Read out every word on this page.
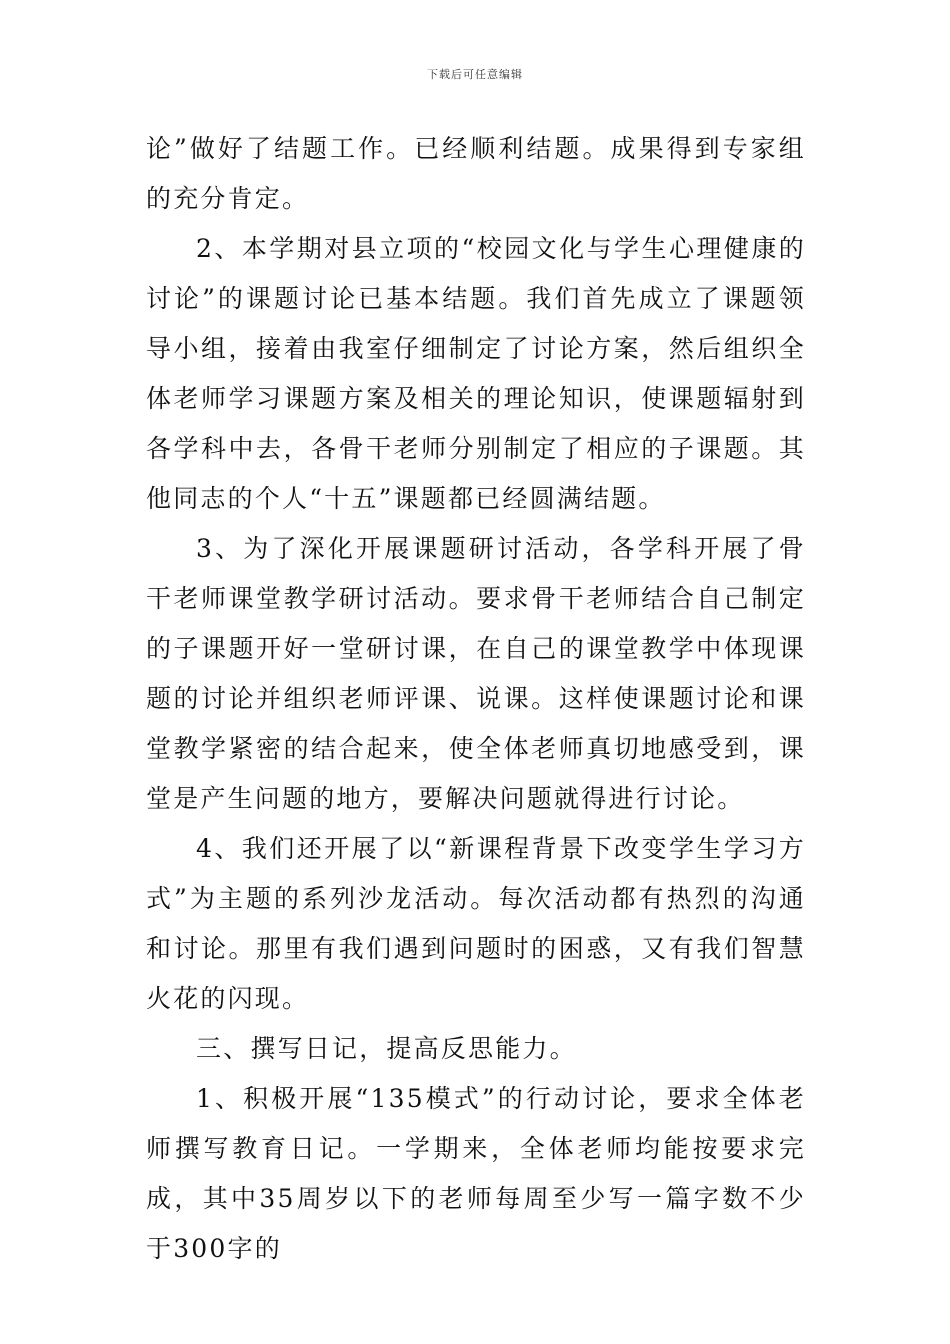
下载后可任意编辑

论”做好了结题工作。已经顺利结题。成果得到专家组的充分肯定。

2、本学期对县立项的“校园文化与学生心理健康的讨论”的课题讨论已基本结题。我们首先成立了课题领导小组，接着由我室仔细制定了讨论方案，然后组织全体老师学习课题方案及相关的理论知识，使课题辐射到各学科中去，各骨干老师分别制定了相应的子课题。其他同志的个人“十五”课题都已经圆满结题。

3、为了深化开展课题研讨活动，各学科开展了骨干老师课堂教学研讨活动。要求骨干老师结合自己制定的子课题开好一堂研讨课，在自己的课堂教学中体现课题的讨论并组织老师评课、说课。这样使课题讨论和课堂教学紧密的结合起来，使全体老师真切地感受到，课堂是产生问题的地方，要解决问题就得进行讨论。

4、我们还开展了以“新课程背景下改变学生学习方式”为主题的系列沙龙活动。每次活动都有热烈的沟通和讨论。那里有我们遇到问题时的困惑，又有我们智慧火花的闪现。

三、撰写日记，提高反思能力。

1、积极开展“135模式”的行动讨论，要求全体老师撰写教育日记。一学期来，全体老师均能按要求完成，其中35周岁以下的老师每周至少写一篇字数不少于300字的
